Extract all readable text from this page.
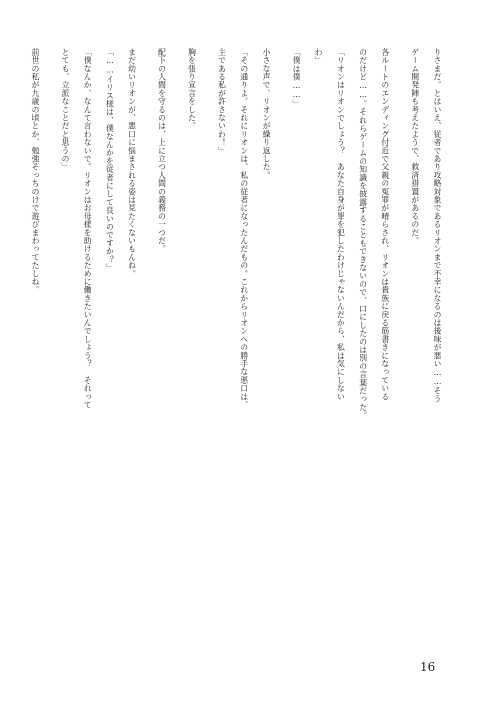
りさまだ。とはいえ、従者であり攻略対象であるリオンまで不幸になるのは後味が悪い……そう
ゲーム開発陣も考えたようで、救済措置があるのだ。
各ルートのエンディング付近で父親の冤罪が晴らされ、リオンは貴族に戻る筋書きになっている
のだけど……。それらゲームの知識を披露することもできないので、口にしたのは別の言葉だった。
「リオンはリオンでしょう？　あなた自身が罪を犯したわけじゃないんだから、私は気にしない
わ」
「僕は僕……」
小さな声で、リオンが繰り返した。
「その通りよ。それにリオンは、私の従者になったんだもの。これからリオンへの勝手な悪口は、
主である私が許さないわ！」
胸を張り宣言をした。
配下の人間を守るのは、上に立つ人間の義務の一つだ。
まだ幼いリオンが、悪口に悩まされる姿は見たくないもんね。
「……イリス様は、僕なんかを従者にして良いのですか？」
「僕なんか、なんて言わないで。リオンはお母様を助けるために働きたいんでしょう？　それって
とても、立派なことだと思うの」
前世の私が九歳の頃とか、勉強そっちのけで遊びまわってたしね。
16
